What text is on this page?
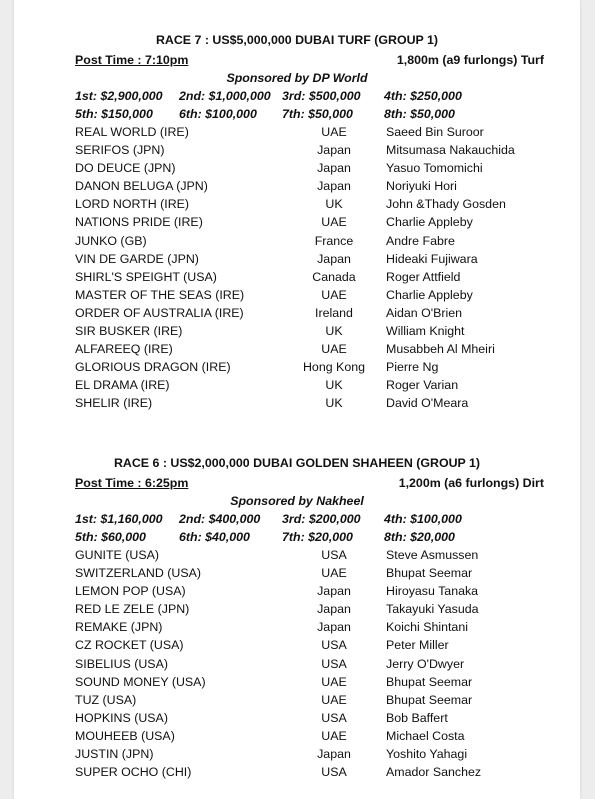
RACE 7 : US$5,000,000 DUBAI TURF (GROUP 1)
Post Time : 7:10pm	1,800m (a9 furlongs) Turf
Sponsored by DP World
1st: $2,900,000 2nd: $1,000,000 3rd: $500,000 4th: $250,000
5th: $150,000 6th: $100,000 7th: $50,000	8th: $50,000
REAL WORLD (IRE)	UAE	Saeed Bin Suroor
SERIFOS (JPN)	Japan	Mitsumasa Nakauchida
DO DEUCE (JPN)	Japan	Yasuo Tomomichi
DANON BELUGA (JPN)	Japan	Noriyuki Hori
LORD NORTH (IRE)	UK	John &Thady Gosden
NATIONS PRIDE (IRE)	UAE	Charlie Appleby
JUNKO (GB)	France	Andre Fabre
VIN DE GARDE (JPN)	Japan	Hideaki Fujiwara
SHIRL'S SPEIGHT (USA)	Canada	Roger Attfield
MASTER OF THE SEAS (IRE)	UAE	Charlie Appleby
ORDER OF AUSTRALIA (IRE)	Ireland	Aidan O'Brien
SIR BUSKER (IRE)	UK	William Knight
ALFAREEQ (IRE)	UAE	Musabbeh Al Mheiri
GLORIOUS DRAGON (IRE)	Hong Kong	Pierre Ng
EL DRAMA (IRE)	UK	Roger Varian
SHELIR (IRE)	UK	David O'Meara
RACE 6 : US$2,000,000 DUBAI GOLDEN SHAHEEN (GROUP 1)
Post Time : 6:25pm	1,200m (a6 furlongs) Dirt
Sponsored by Nakheel
1st: $1,160,000 2nd: $400,000 3rd: $200,000 4th: $100,000
5th: $60,000	6th: $40,000	7th: $20,000	8th: $20,000
GUNITE (USA)	USA	Steve Asmussen
SWITZERLAND (USA)	UAE	Bhupat Seemar
LEMON POP (USA)	Japan	Hiroyasu Tanaka
RED LE ZELE (JPN)	Japan	Takayuki Yasuda
REMAKE (JPN)	Japan	Koichi Shintani
CZ ROCKET (USA)	USA	Peter Miller
SIBELIUS (USA)	USA	Jerry O'Dwyer
SOUND MONEY (USA)	UAE	Bhupat Seemar
TUZ (USA)	UAE	Bhupat Seemar
HOPKINS (USA)	USA	Bob Baffert
MOUHEEB (USA)	UAE	Michael Costa
JUSTIN (JPN)	Japan	Yoshito Yahagi
SUPER OCHO (CHI)	USA	Amador Sanchez
